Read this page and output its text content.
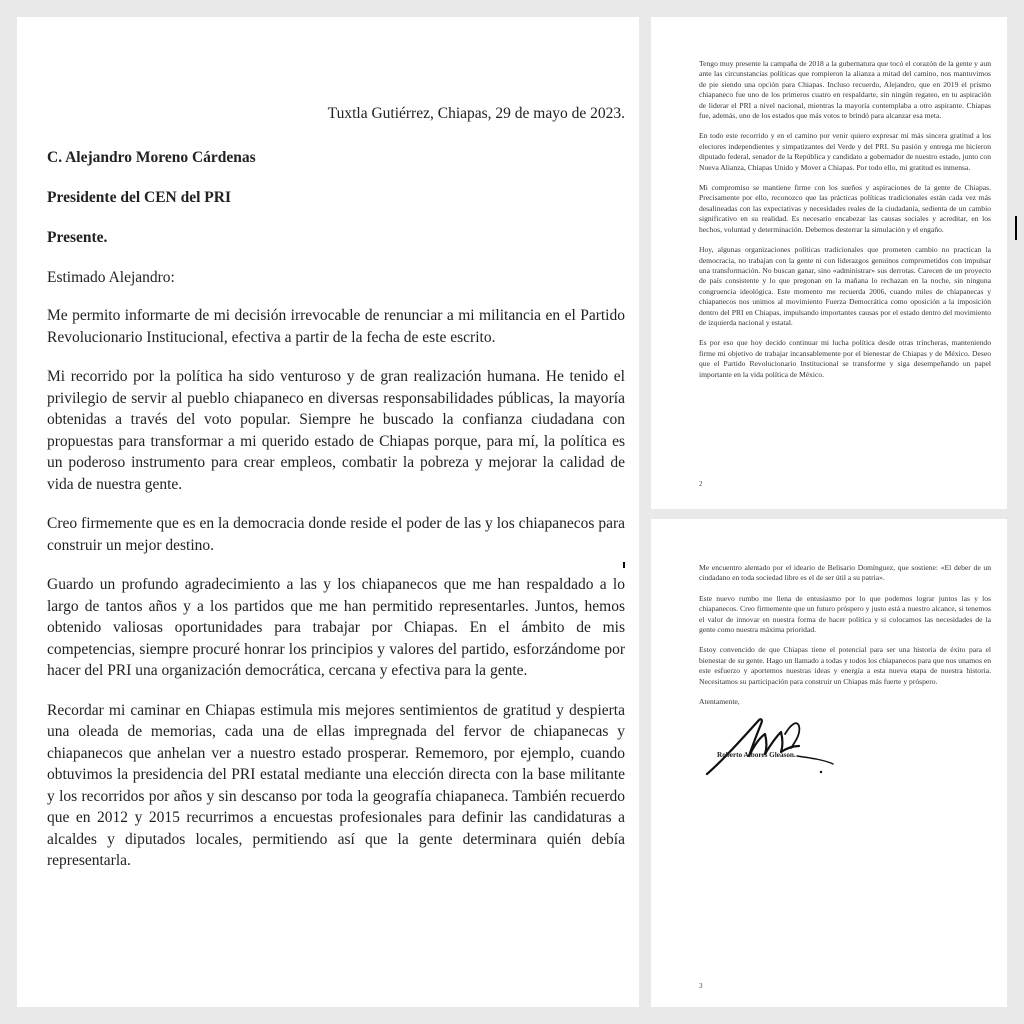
Tuxtla Gutiérrez, Chiapas, 29 de mayo de 2023.
C. Alejandro Moreno Cárdenas
Presidente del CEN del PRI
Presente.
Estimado Alejandro:

Me permito informarte de mi decisión irrevocable de renunciar a mi militancia en el Partido Revolucionario Institucional, efectiva a partir de la fecha de este escrito.

Mi recorrido por la política ha sido venturoso y de gran realización humana. He tenido el privilegio de servir al pueblo chiapaneco en diversas responsabilidades públicas, la mayoría obtenidas a través del voto popular. Siempre he buscado la confianza ciudadana con propuestas para transformar a mi querido estado de Chiapas porque, para mí, la política es un poderoso instrumento para crear empleos, combatir la pobreza y mejorar la calidad de vida de nuestra gente.

Creo firmemente que es en la democracia donde reside el poder de las y los chiapanecos para construir un mejor destino.

Guardo un profundo agradecimiento a las y los chiapanecos que me han respaldado a lo largo de tantos años y a los partidos que me han permitido representarles. Juntos, hemos obtenido valiosas oportunidades para trabajar por Chiapas. En el ámbito de mis competencias, siempre procuré honrar los principios y valores del partido, esforzándome por hacer del PRI una organización democrática, cercana y efectiva para la gente.

Recordar mi caminar en Chiapas estimula mis mejores sentimientos de gratitud y despierta una oleada de memorias, cada una de ellas impregnada del fervor de chiapanecas y chiapanecos que anhelan ver a nuestro estado prosperar. Rememoro, por ejemplo, cuando obtuvimos la presidencia del PRI estatal mediante una elección directa con la base militante y los recorridos por años y sin descanso por toda la geografía chiapaneca. También recuerdo que en 2012 y 2015 recurrimos a encuestas profesionales para definir las candidaturas a alcaldes y diputados locales, permitiendo así que la gente determinara quién debía representarla.

Tengo muy presente la campaña de 2018 a la gubernatura que tocó el corazón de la gente y aun ante las circunstancias políticas que rompieron la alianza a mitad del camino, nos mantuvimos de pie siendo una opción para Chiapas. Incluso recuerdo, Alejandro, que en 2019 el prismo chiapaneco fue uno de los primeros cuatro en respaldarte, sin ningún regateo, en tu aspiración de liderar el PRI a nivel nacional, mientras la mayoría contemplaba a otro aspirante. Chiapas fue, además, uno de los estados que más votos te brindó para alcanzar esa meta.

En todo este recorrido y en el camino por venir quiero expresar mi más sincera gratitud a los electores independientes y simpatizantes del Verde y del PRI. Su pasión y entrega me hicieron diputado federal, senador de la República y candidato a gobernador de nuestro estado, junto con Nueva Alianza, Chiapas Unido y Mover a Chiapas. Por todo ello, mi gratitud es inmensa.

Mi compromiso se mantiene firme con los sueños y aspiraciones de la gente de Chiapas. Precisamente por ello, reconozco que las prácticas políticas tradicionales están cada vez más desalineadas con las expectativas y necesidades reales de la ciudadanía, sedienta de un cambio significativo en su realidad. Es necesario encabezar las causas sociales y acreditar, en los hechos, voluntad y determinación. Debemos desterrar la simulación y el engaño.

Hoy, algunas organizaciones políticas tradicionales que prometen cambio no practican la democracia, no trabajan con la gente ni con liderazgos genuinos comprometidos con impulsar una transformación. No buscan ganar, sino «administrar» sus derrotas. Carecen de un proyecto de país consistente y lo que pregonan en la mañana lo rechazan en la noche, sin ninguna congruencia ideológica. Este momento me recuerda 2006, cuando miles de chiapanecas y chiapanecos nos unimos al movimiento Fuerza Democrática como oposición a la imposición dentro del PRI en Chiapas, impulsando importantes causas por el estado dentro del movimiento de izquierda nacional y estatal.

Es por eso que hoy decido continuar mi lucha política desde otras trincheras, manteniendo firme mi objetivo de trabajar incansablemente por el bienestar de Chiapas y de México. Deseo que el Partido Revolucionario Institucional se transforme y siga desempeñando un papel importante en la vida política de México.

2

Me encuentro alentado por el ideario de Belisario Domínguez, que sostiene: «El deber de un ciudadano en toda sociedad libre es el de ser útil a su patria».

Este nuevo rumbo me llena de entusiasmo por lo que podemos lograr juntos las y los chiapanecos. Creo firmemente que un futuro próspero y justo está a nuestro alcance, si tenemos el valor de innovar en nuestra forma de hacer política y si colocamos las necesidades de la gente como nuestra máxima prioridad.

Estoy convencido de que Chiapas tiene el potencial para ser una historia de éxito para el bienestar de su gente. Hago un llamado a todas y todos los chiapanecos para que nos unamos en este esfuerzo y aportemos nuestras ideas y energía a esta nueva etapa de nuestra historia. Necesitamos su participación para construir un Chiapas más fuerte y próspero.

Atentamente,
Roberto Albores Gleason.
3
